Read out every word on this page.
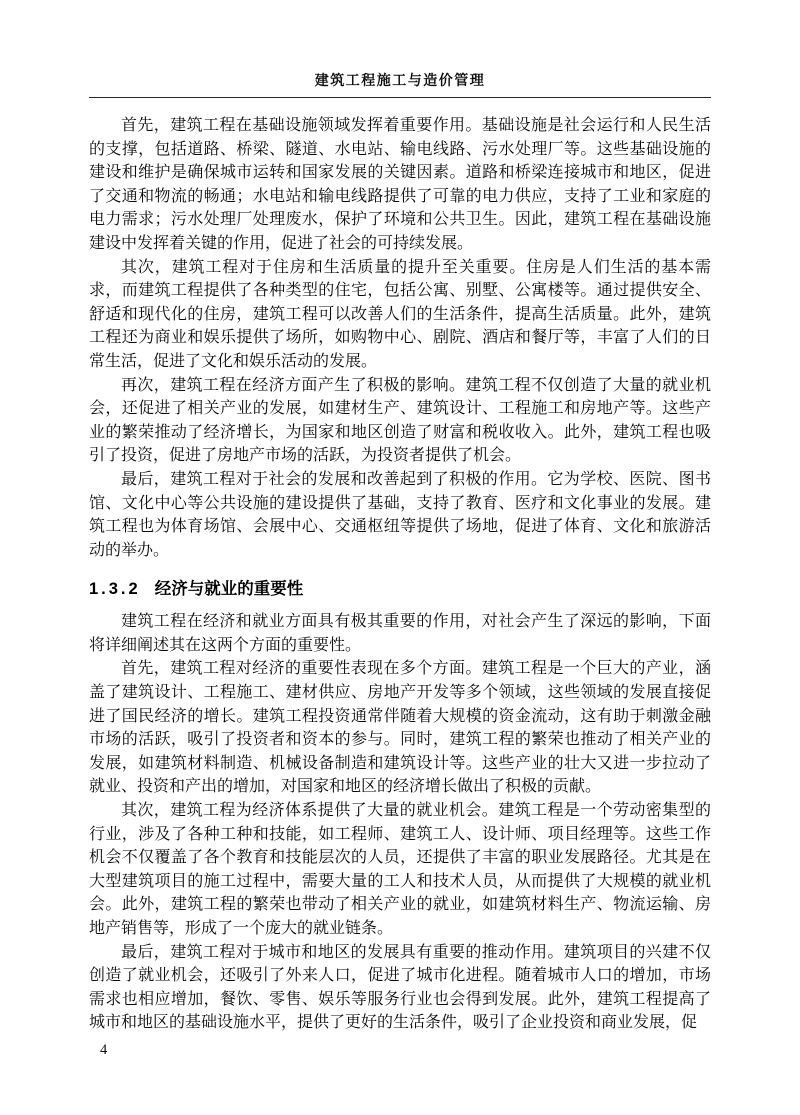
建筑工程施工与造价管理

首先，建筑工程在基础设施领域发挥着重要作用。基础设施是社会运行和人民生活的支撑，包括道路、桥梁、隧道、水电站、输电线路、污水处理厂等。这些基础设施的建设和维护是确保城市运转和国家发展的关键因素。道路和桥梁连接城市和地区，促进了交通和物流的畅通；水电站和输电线路提供了可靠的电力供应，支持了工业和家庭的电力需求；污水处理厂处理废水，保护了环境和公共卫生。因此，建筑工程在基础设施建设中发挥着关键的作用，促进了社会的可持续发展。

其次，建筑工程对于住房和生活质量的提升至关重要。住房是人们生活的基本需求，而建筑工程提供了各种类型的住宅，包括公寓、别墅、公寓楼等。通过提供安全、舒适和现代化的住房，建筑工程可以改善人们的生活条件，提高生活质量。此外，建筑工程还为商业和娱乐提供了场所，如购物中心、剧院、酒店和餐厅等，丰富了人们的日常生活，促进了文化和娱乐活动的发展。

再次，建筑工程在经济方面产生了积极的影响。建筑工程不仅创造了大量的就业机会，还促进了相关产业的发展，如建材生产、建筑设计、工程施工和房地产等。这些产业的繁荣推动了经济增长，为国家和地区创造了财富和税收收入。此外，建筑工程也吸引了投资，促进了房地产市场的活跃，为投资者提供了机会。

最后，建筑工程对于社会的发展和改善起到了积极的作用。它为学校、医院、图书馆、文化中心等公共设施的建设提供了基础，支持了教育、医疗和文化事业的发展。建筑工程也为体育场馆、会展中心、交通枢纽等提供了场地，促进了体育、文化和旅游活动的举办。

1.3.2 经济与就业的重要性

建筑工程在经济和就业方面具有极其重要的作用，对社会产生了深远的影响，下面将详细阐述其在这两个方面的重要性。

首先，建筑工程对经济的重要性表现在多个方面。建筑工程是一个巨大的产业，涵盖了建筑设计、工程施工、建材供应、房地产开发等多个领域，这些领域的发展直接促进了国民经济的增长。建筑工程投资通常伴随着大规模的资金流动，这有助于刺激金融市场的活跃，吸引了投资者和资本的参与。同时，建筑工程的繁荣也推动了相关产业的发展，如建筑材料制造、机械设备制造和建筑设计等。这些产业的壮大又进一步拉动了就业、投资和产出的增加，对国家和地区的经济增长做出了积极的贡献。

其次，建筑工程为经济体系提供了大量的就业机会。建筑工程是一个劳动密集型的行业，涉及了各种工种和技能，如工程师、建筑工人、设计师、项目经理等。这些工作机会不仅覆盖了各个教育和技能层次的人员，还提供了丰富的职业发展路径。尤其是在大型建筑项目的施工过程中，需要大量的工人和技术人员，从而提供了大规模的就业机会。此外，建筑工程的繁荣也带动了相关产业的就业，如建筑材料生产、物流运输、房地产销售等，形成了一个庞大的就业链条。

最后，建筑工程对于城市和地区的发展具有重要的推动作用。建筑项目的兴建不仅创造了就业机会，还吸引了外来人口，促进了城市化进程。随着城市人口的增加，市场需求也相应增加，餐饮、零售、娱乐等服务行业也会得到发展。此外，建筑工程提高了城市和地区的基础设施水平，提供了更好的生活条件，吸引了企业投资和商业发展，促

4
